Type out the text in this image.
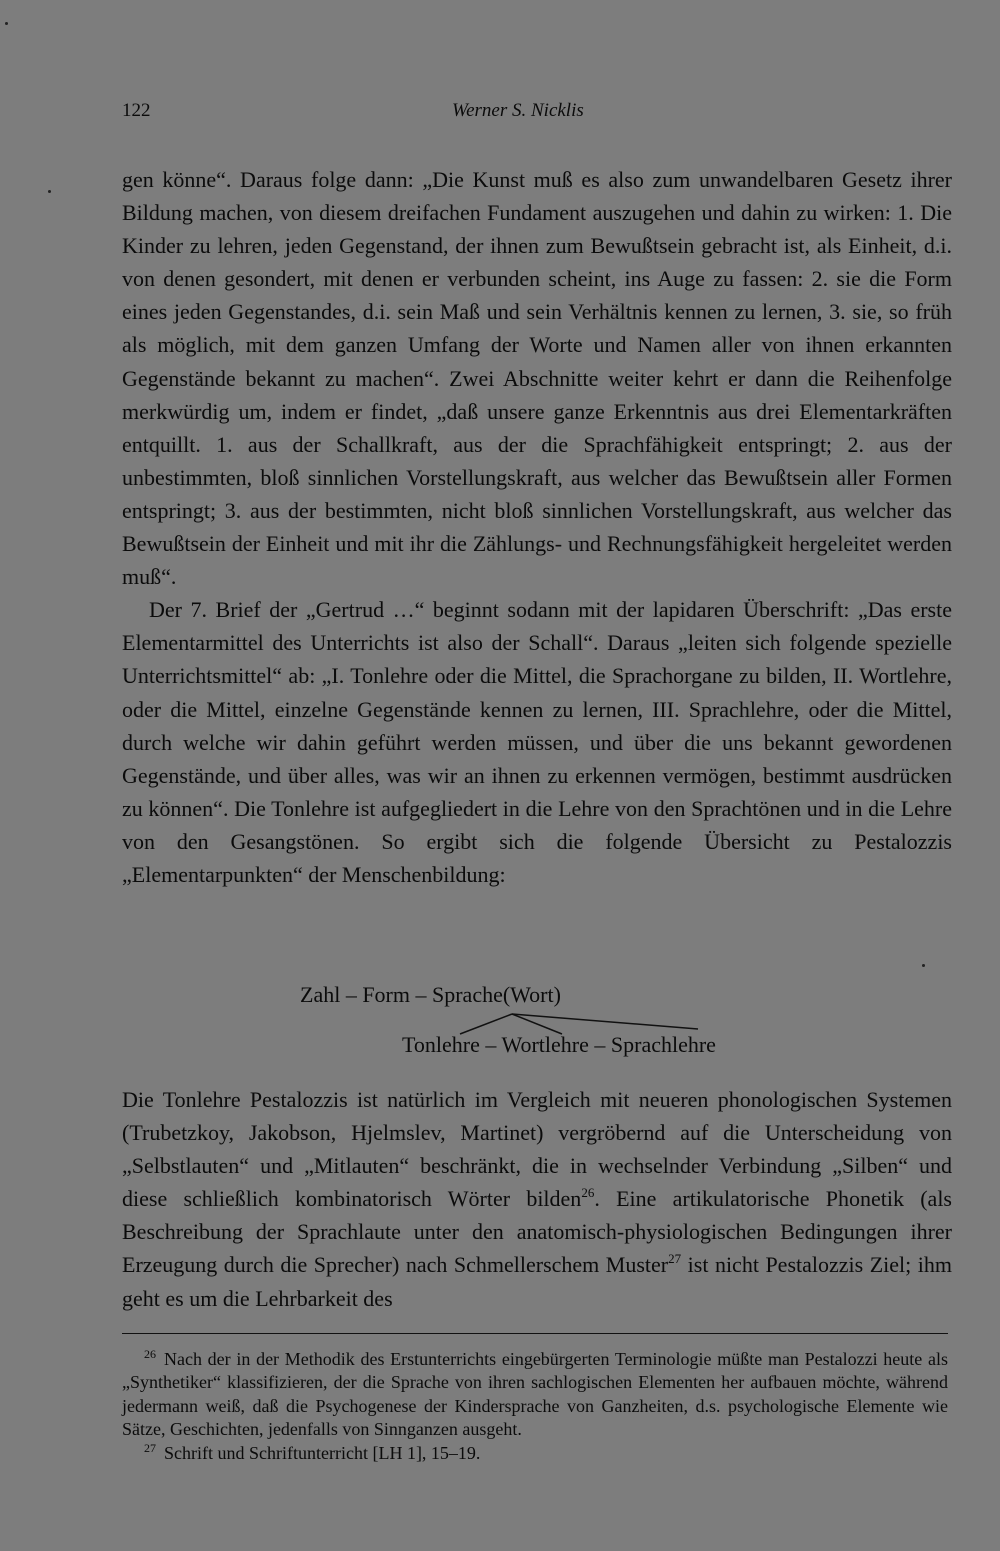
122	Werner S. Nicklis

gen könne“. Daraus folge dann: „Die Kunst muß es also zum unwandelbaren Gesetz ihrer Bildung machen, von diesem dreifachen Fundament auszugehen und dahin zu wirken: 1. Die Kinder zu lehren, jeden Gegenstand, der ihnen zum Bewußtsein gebracht ist, als Einheit, d.i. von denen gesondert, mit denen er verbunden scheint, ins Auge zu fassen: 2. sie die Form eines jeden Gegenstandes, d.i. sein Maß und sein Verhältnis kennen zu lernen, 3. sie, so früh als möglich, mit dem ganzen Umfang der Worte und Namen aller von ihnen erkannten Gegenstände bekannt zu machen“. Zwei Abschnitte weiter kehrt er dann die Reihenfolge merkwürdig um, indem er findet, „daß unsere ganze Erkenntnis aus drei Elementarkräften entquillt. 1. aus der Schallkraft, aus der die Sprachfähigkeit entspringt; 2. aus der unbestimmten, bloß sinnlichen Vorstellungskraft, aus welcher das Bewußtsein aller Formen entspringt; 3. aus der bestimmten, nicht bloß sinnlichen Vorstellungskraft, aus welcher das Bewußtsein der Einheit und mit ihr die Zählungs- und Rechnungsfähigkeit hergeleitet werden muß“.

Der 7. Brief der „Gertrud …“ beginnt sodann mit der lapidaren Überschrift: „Das erste Elementarmittel des Unterrichts ist also der Schall“. Daraus „leiten sich folgende spezielle Unterrichtsmittel“ ab: „I. Tonlehre oder die Mittel, die Sprachorgane zu bilden, II. Wortlehre, oder die Mittel, einzelne Gegenstände kennen zu lernen, III. Sprachlehre, oder die Mittel, durch welche wir dahin geführt werden müssen, und über die uns bekannt gewordenen Gegenstände, und über alles, was wir an ihnen zu erkennen vermögen, bestimmt ausdrücken zu können“. Die Tonlehre ist aufgegliedert in die Lehre von den Sprachtönen und in die Lehre von den Gesangstönen. So ergibt sich die folgende Übersicht zu Pestalozzis „Elementarpunkten“ der Menschenbildung:

Zahl – Form – Sprache(Wort)
Tonlehre – Wortlehre – Sprachlehre

Die Tonlehre Pestalozzis ist natürlich im Vergleich mit neueren phonologischen Systemen (Trubetzkoy, Jakobson, Hjelmslev, Martinet) vergröbernd auf die Unterscheidung von „Selbstlauten“ und „Mitlauten“ beschränkt, die in wechselnder Verbindung „Silben“ und diese schließlich kombinatorisch Wörter bilden$^{26}$. Eine artikulatorische Phonetik (als Beschreibung der Sprachlaute unter den anatomisch-physiologischen Bedingungen ihrer Erzeugung durch die Sprecher) nach Schmellerschem Muster$^{27}$ ist nicht Pestalozzis Ziel; ihm geht es um die Lehrbarkeit des

$^{26}$ Nach der in der Methodik des Erstunterrichts eingebürgerten Terminologie müßte man Pestalozzi heute als „Synthetiker“ klassifizieren, der die Sprache von ihren sachlogischen Elementen her aufbauen möchte, während jedermann weiß, daß die Psychogenese der Kindersprache von Ganzheiten, d.s. psychologische Elemente wie Sätze, Geschichten, jedenfalls von Sinnganzen ausgeht.

$^{27}$ Schrift und Schriftunterricht [LH 1], 15–19.
